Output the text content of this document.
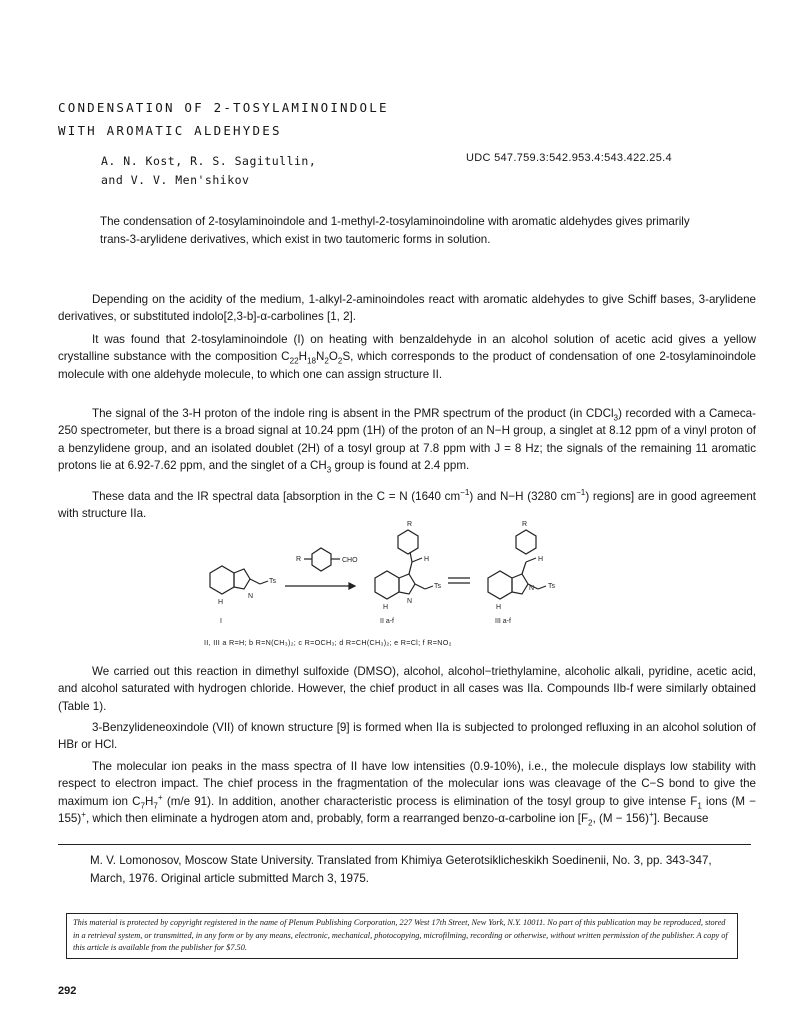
CONDENSATION OF 2-TOSYLAMINOINDOLE
WITH AROMATIC ALDEHYDES
A. N. Kost, R. S. Sagitullin,
and V. V. Men'shikov
UDC 547.759.3:542.953.4:543.422.25.4
The condensation of 2-tosylaminoindole and 1-methyl-2-tosylaminoindoline with aromatic aldehydes gives primarily trans-3-arylidene derivatives, which exist in two tautomeric forms in solution.
Depending on the acidity of the medium, 1-alkyl-2-aminoindoles react with aromatic aldehydes to give Schiff bases, 3-arylidene derivatives, or substituted indolo[2,3-b]-α-carbolines [1, 2].
It was found that 2-tosylaminoindole (I) on heating with benzaldehyde in an alcohol solution of acetic acid gives a yellow crystalline substance with the composition $C_{22}H_{18}N_2O_2S$, which corresponds to the product of condensation of one 2-tosylaminoindole molecule with one aldehyde molecule, to which one can assign structure II.
The signal of the 3-H proton of the indole ring is absent in the PMR spectrum of the product (in CDCl$_3$) recorded with a Cameca-250 spectrometer, but there is a broad signal at 10.24 ppm (1H) of the proton of an N−H group, a singlet at 8.12 ppm of a vinyl proton of a benzylidene group, and an isolated doublet (2H) of a tosyl group at 7.8 ppm with J = 8 Hz; the signals of the remaining 11 aromatic protons lie at 6.92-7.62 ppm, and the singlet of a $CH_3$ group is found at 2.4 ppm.
These data and the IR spectral data [absorption in the C = N (1640 $cm^{-1}$) and N−H (3280 $cm^{-1}$) regions] are in good agreement with structure IIa.
R	CHO
H
N
Ts
R
H
H
N
Ts
R
H
H
N Ts
I	II a-f	III a-f
II, III a R=H; b R=N(CH₃)₂; c R=OCH₃; d R=CH(CH₃)₂; e R=Cl; f R=NO₂
We carried out this reaction in dimethyl sulfoxide (DMSO), alcohol, alcohol−triethylamine, alcoholic alkali, pyridine, acetic acid, and alcohol saturated with hydrogen chloride. However, the chief product in all cases was IIa. Compounds IIb-f were similarly obtained (Table 1).
3-Benzylideneoxindole (VII) of known structure [9] is formed when IIa is subjected to prolonged refluxing in an alcohol solution of HBr or HCl.
The molecular ion peaks in the mass spectra of II have low intensities (0.9-10%), i.e., the molecule displays low stability with respect to electron impact. The chief process in the fragmentation of the molecular ions was cleavage of the C−S bond to give the maximum ion $C_7H_7^+$ (m/e 91). In addition, another characteristic process is elimination of the tosyl group to give intense $F_1$ ions (M − 155)+, which then eliminate a hydrogen atom and, probably, form a rearranged benzo-α-carboline ion [$F_2$, (M − 156)+]. Because
M. V. Lomonosov, Moscow State University. Translated from Khimiya Geterotsiklicheskikh Soedinenii, No. 3, pp. 343-347, March, 1976. Original article submitted March 3, 1975.
This material is protected by copyright registered in the name of Plenum Publishing Corporation, 227 West 17th Street, New York, N.Y. 10011. No part of this publication may be reproduced, stored in a retrieval system, or transmitted, in any form or by any means, electronic, mechanical, photocopying, microfilming, recording or otherwise, without written permission of the publisher. A copy of this article is available from the publisher for $7.50.
292
